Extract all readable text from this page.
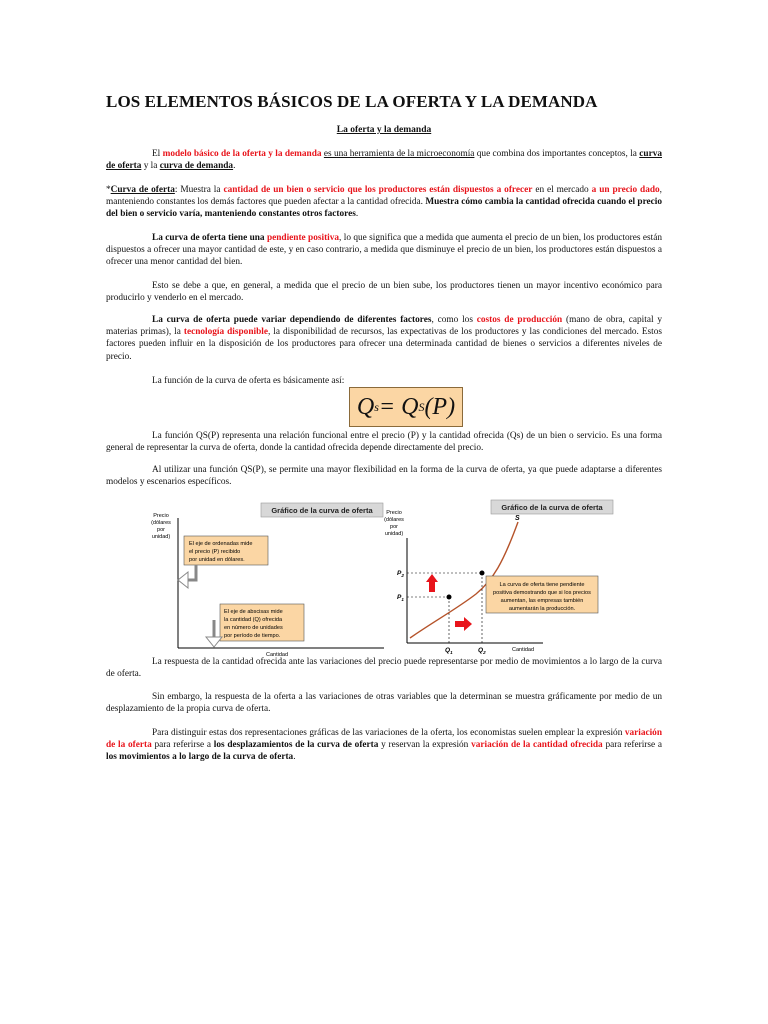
LOS ELEMENTOS BÁSICOS DE LA OFERTA Y LA DEMANDA
La oferta y la demanda
El modelo básico de la oferta y la demanda es una herramienta de la microeconomía que combina dos importantes conceptos, la curva de oferta y la curva de demanda.
*Curva de oferta: Muestra la cantidad de un bien o servicio que los productores están dispuestos a ofrecer en el mercado a un precio dado, manteniendo constantes los demás factores que pueden afectar a la cantidad ofrecida. Muestra cómo cambia la cantidad ofrecida cuando el precio del bien o servicio varía, manteniendo constantes otros factores.
La curva de oferta tiene una pendiente positiva, lo que significa que a medida que aumenta el precio de un bien, los productores están dispuestos a ofrecer una mayor cantidad de este, y en caso contrario, a medida que disminuye el precio de un bien, los productores están dispuestos a ofrecer una menor cantidad del bien.
Esto se debe a que, en general, a medida que el precio de un bien sube, los productores tienen un mayor incentivo económico para producirlo y venderlo en el mercado.
La curva de oferta puede variar dependiendo de diferentes factores, como los costos de producción (mano de obra, capital y materias primas), la tecnología disponible, la disponibilidad de recursos, las expectativas de los productores y las condiciones del mercado. Estos factores pueden influir en la disposición de los productores para ofrecer una determinada cantidad de bienes o servicios a diferentes niveles de precio.
La función de la curva de oferta es básicamente así:
Q s = Q S (P)
La función QS(P) representa una relación funcional entre el precio (P) y la cantidad ofrecida (Qs) de un bien o servicio. Es una forma general de representar la curva de oferta, donde la cantidad ofrecida depende directamente del precio.
Al utilizar una función QS(P), se permite una mayor flexibilidad en la forma de la curva de oferta, ya que puede adaptarse a diferentes modelos y escenarios específicos.
Gráfico de la curva de oferta
Precio
(dólares
por
unidad)
Cantidad
El eje de ordenadas mide
el precio (P) recibido
por unidad en dólares.
El eje de abscisas mide
la cantidad (Q) ofrecida
en número de unidades
por período de tiempo.
Gráfico de la curva de oferta
Precio
(dólares
por
unidad)
Cantidad
S
$P_2$
$P_1$
$Q_1$	$Q_2$
La curva de oferta tiene pendiente
positiva demostrando que si los precios
aumentan, las empresas también
aumentarán la producción.
La respuesta de la cantidad ofrecida ante las variaciones del precio puede representarse por medio de movimientos a lo largo de la curva de oferta.
Sin embargo, la respuesta de la oferta a las variaciones de otras variables que la determinan se muestra gráficamente por medio de un desplazamiento de la propia curva de oferta.
Para distinguir estas dos representaciones gráficas de las variaciones de la oferta, los economistas suelen emplear la expresión variación de la oferta para referirse a los desplazamientos de la curva de oferta y reservan la expresión variación de la cantidad ofrecida para referirse a los movimientos a lo largo de la curva de oferta.
